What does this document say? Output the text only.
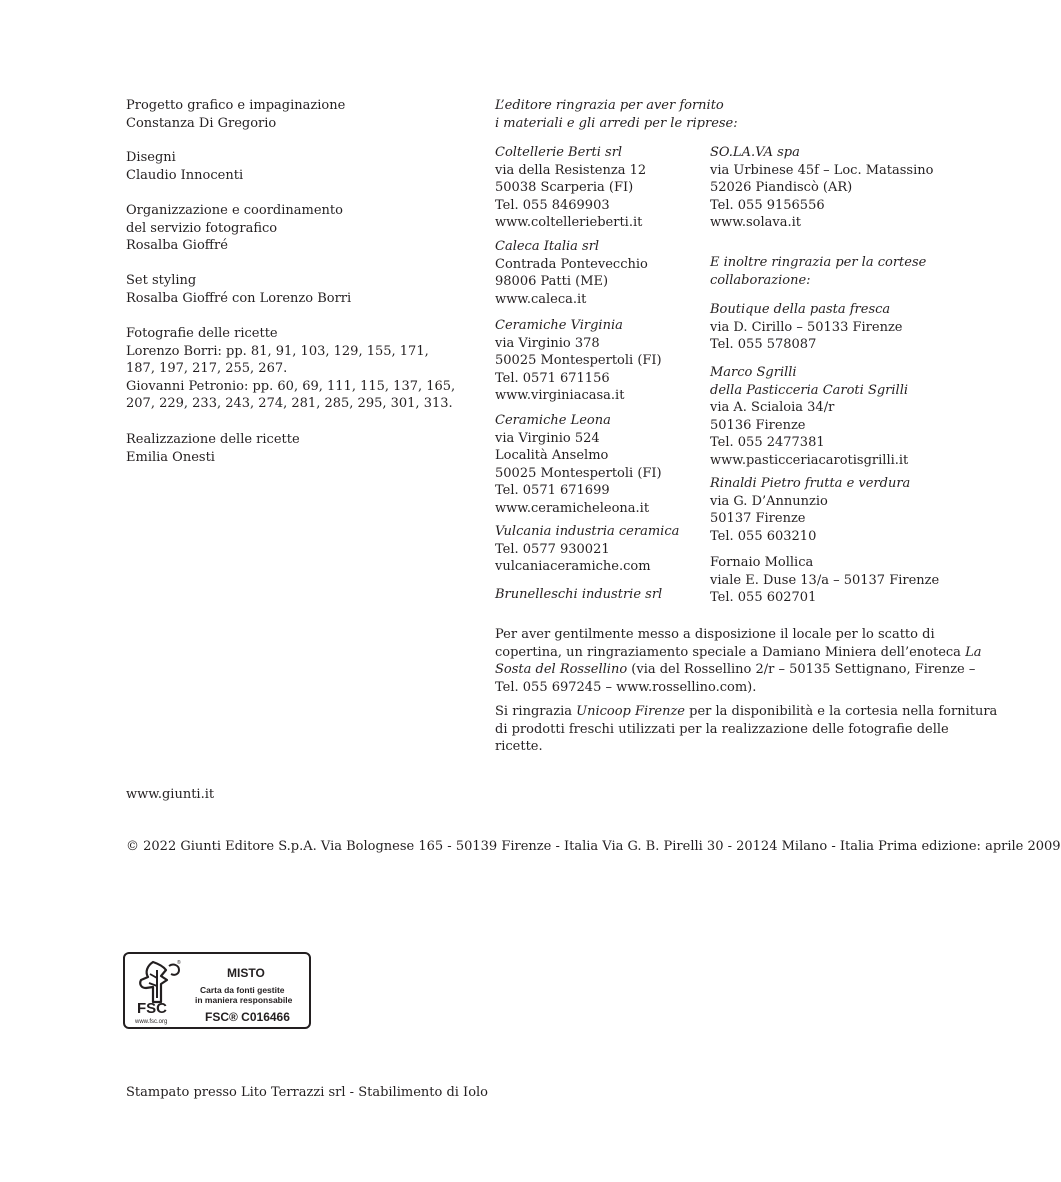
Progetto grafico e impaginazione
Constanza Di Gregorio
Disegni
Claudio Innocenti
Organizzazione e coordinamento
del servizio fotografico
Rosalba Gioffré
Set styling
Rosalba Gioffré con Lorenzo Borri
Fotografie delle ricette
Lorenzo Borri: pp. 81, 91, 103, 129, 155, 171,
187, 197, 217, 255, 267.
Giovanni Petronio: pp. 60, 69, 111, 115, 137, 165,
207, 229, 233, 243, 274, 281, 285, 295, 301, 313.
Realizzazione delle ricette
Emilia Onesti
L’editore ringrazia per aver fornito
i materiali e gli arredi per le riprese:
Coltellerie Berti srl
via della Resistenza 12
50038 Scarperia (FI)
Tel. 055 8469903
www.coltellerieberti.it
Caleca Italia srl
Contrada Pontevecchio
98006 Patti (ME)
www.caleca.it
Ceramiche Virginia
via Virginio 378
50025 Montespertoli (FI)
Tel. 0571 671156
www.virginiacasa.it
Ceramiche Leona
via Virginio 524
Località Anselmo
50025 Montespertoli (FI)
Tel. 0571 671699
www.ceramicheleona.it
Vulcania industria ceramica
Tel. 0577 930021
vulcaniaceramiche.com
Brunelleschi industrie srl
SO.LA.VA spa
via Urbinese 45f – Loc. Matassino
52026 Piandiscò (AR)
Tel. 055 9156556
www.solava.it
E inoltre ringrazia per la cortese
collaborazione:
Boutique della pasta fresca
via D. Cirillo – 50133 Firenze
Tel. 055 578087
Marco Sgrilli
della Pasticceria Caroti Sgrilli
via A. Scialoia 34/r
50136 Firenze
Tel. 055 2477381
www.pasticceriacarotisgrilli.it
Rinaldi Pietro frutta e verdura
via G. D’Annunzio
50137 Firenze
Tel. 055 603210
Fornaio Mollica
viale E. Duse 13/a – 50137 Firenze
Tel. 055 602701
Per aver gentilmente messo a disposizione il locale per lo scatto di copertina, un ringraziamento speciale a Damiano Miniera dell’enoteca La Sosta del Rossellino (via del Rossellino 2/r – 50135 Settignano, Firenze – Tel. 055 697245 – www.rossellino.com).
Si ringrazia Unicoop Firenze per la disponibilità e la cortesia nella fornitura di prodotti freschi utilizzati per la realizzazione delle fotografie delle ricette.
www.giunti.it
© 2022 Giunti Editore S.p.A. Via Bolognese 165 - 50139 Firenze - Italia Via G. B. Pirelli 30 - 20124 Milano - Italia Prima edizione: aprile 2009
®
FSC
www.fsc.org
MISTO
Carta da fonti gestite
in maniera responsabile
FSC® C016466
Stampato presso Lito Terrazzi srl - Stabilimento di Iolo
